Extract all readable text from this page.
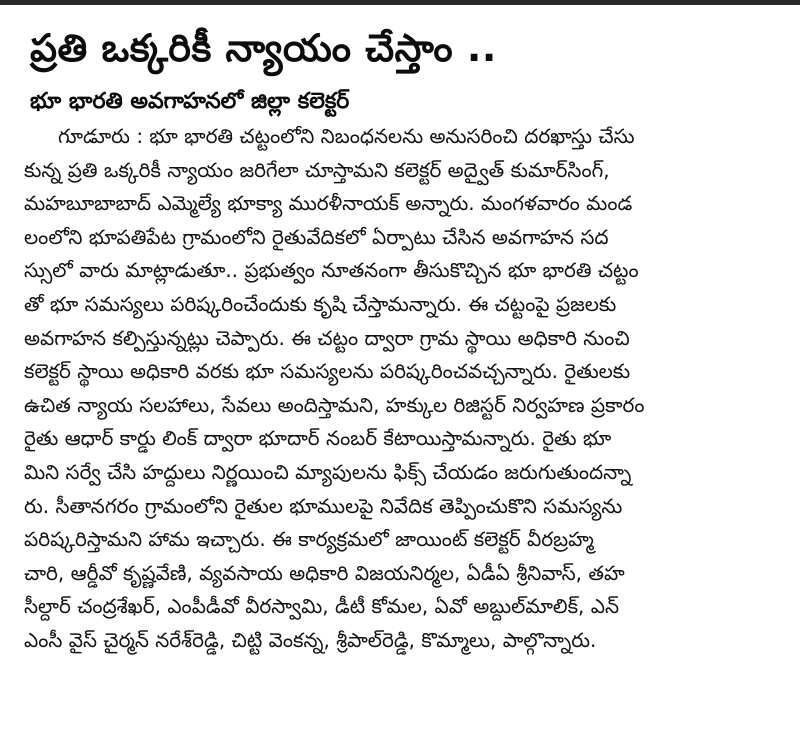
ప్రతి ఒక్కరికీ న్యాయం చేస్తాం ..
భూ భారతి అవగాహనలో జిల్లా కలెక్టర్
గూడూరు : భూ భారతి చట్టంలోని నిబంధనలను అనుసరించి దరఖాస్తు చేసు
కున్న ప్రతి ఒక్కరికీ న్యాయం జరిగేలా చూస్తామని కలెక్టర్ అద్వైత్ కుమార్‌సింగ్,
మహబూబాబాద్ ఎమ్మెల్యే భూక్యా మురళీనాయక్ అన్నారు. మంగళవారం మండ
లంలోని భూపతిపేట గ్రామంలోని రైతువేదికలో ఏర్పాటు చేసిన అవగాహన సద
స్సులో వారు మాట్లాడుతూ.. ప్రభుత్వం నూతనంగా తీసుకొచ్చిన భూ భారతి చట్టం
తో భూ సమస్యలు పరిష్కరించేందుకు కృషి చేస్తామన్నారు. ఈ చట్టంపై ప్రజలకు
అవగాహన కల్పిస్తున్నట్లు చెప్పారు. ఈ చట్టం ద్వారా గ్రామ స్థాయి అధికారి నుంచి
కలెక్టర్ స్థాయి అధికారి వరకు భూ సమస్యలను పరిష్కరించవచ్చన్నారు. రైతులకు
ఉచిత న్యాయ సలహాలు, సేవలు అందిస్తామని, హక్కుల రిజిస్టర్ నిర్వహణ ప్రకారం
రైతు ఆధార్ కార్డు లింక్ ద్వారా భూదార్ నంబర్ కేటాయిస్తామన్నారు. రైతు భూ
మిని సర్వే చేసి హద్దులు నిర్ణయించి మ్యాపులను ఫిక్స్ చేయడం జరుగుతుందన్నా
రు. సీతానగరం గ్రామంలోని రైతుల భూములపై నివేదిక తెప్పించుకొని సమస్యను
పరిష్కరిస్తామని హామ ఇచ్చారు. ఈ కార్యక్రమలో జాయింట్ కలెక్టర్ వీరబ్రహ్మ
చారి, ఆర్డీవో కృష్ణవేణి, వ్యవసాయ అధికారి విజయనిర్మల, ఏడీఏ శ్రీనివాస్, తహ
సీల్దార్ చంద్రశేఖర్, ఎంపీడీవో వీరస్వామి, డీటీ కోమల, ఏవో అబ్దుల్‌మాలిక్, ఎన్
ఎంసీ వైస్ చైర్మన్ నరేశ్‌రెడ్డి, చిట్టి వెంకన్న, శ్రీపాల్‌రెడ్డి, కొమ్మాలు, పాల్గొన్నారు.
